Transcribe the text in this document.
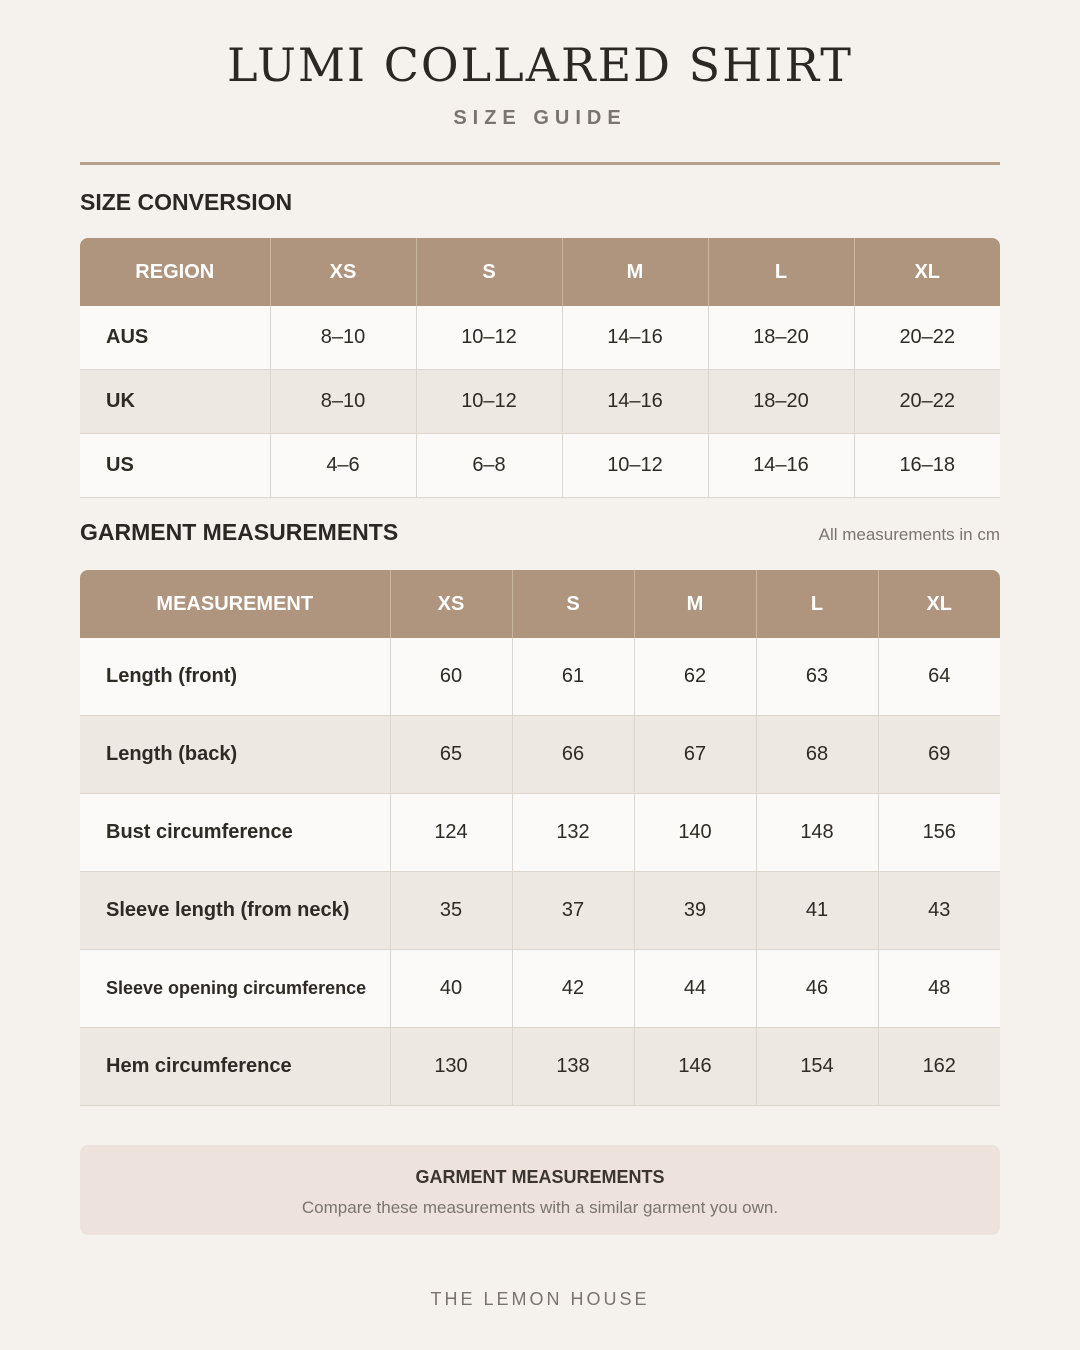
LUMI COLLARED SHIRT
SIZE GUIDE
SIZE CONVERSION
REGION	XS	S	M	L	XL
AUS	8–10	10–12	14–16	18–20	20–22
UK	8–10	10–12	14–16	18–20	20–22
US	4–6	6–8	10–12	14–16	16–18
GARMENT MEASUREMENTS	All measurements in cm
MEASUREMENT	XS	S	M	L	XL
Length (front)	60	61	62	63	64
Length (back)	65	66	67	68	69
Bust circumference	124	132	140	148	156
Sleeve length (from neck)	35	37	39	41	43
Sleeve opening circumference	40	42	44	46	48
Hem circumference	130	138	146	154	162
GARMENT MEASUREMENTS
Compare these measurements with a similar garment you own.
THE LEMON HOUSE
